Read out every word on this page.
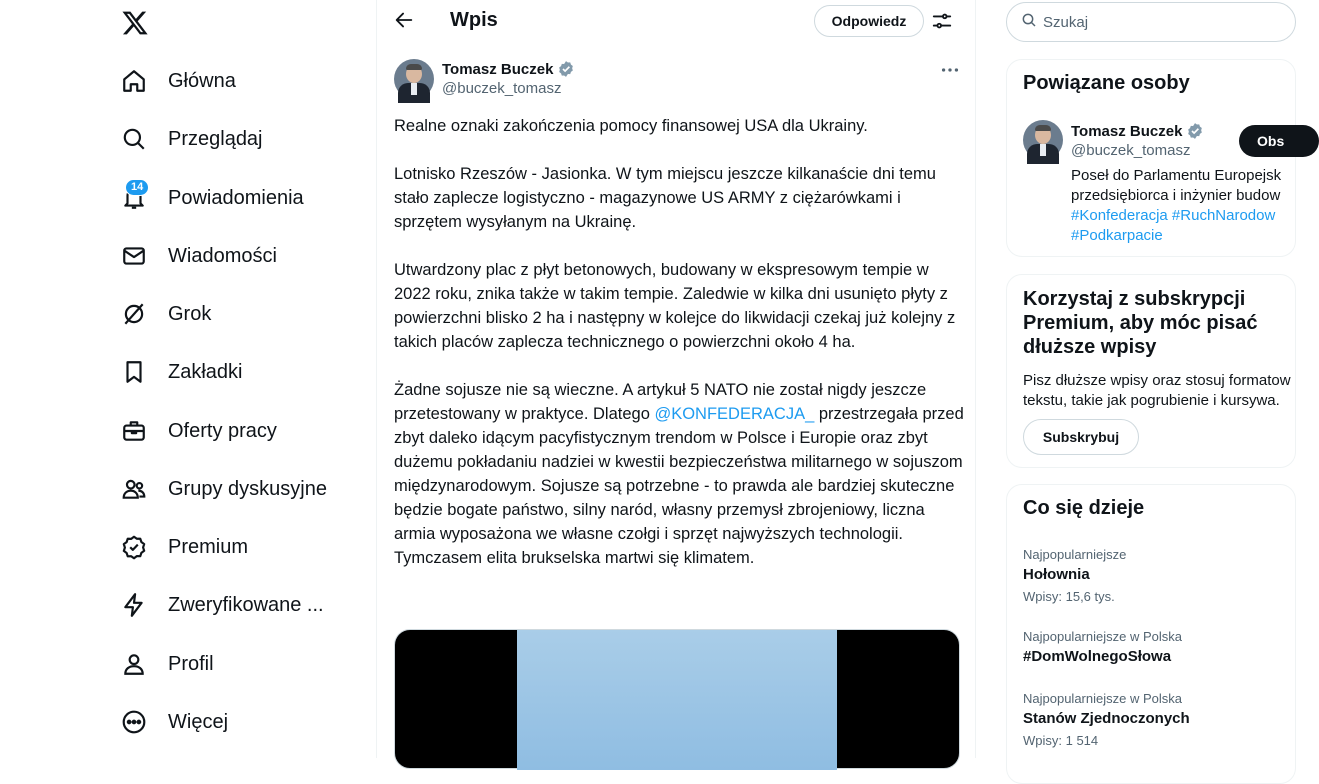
Główna
Przeglądaj
14	Powiadomienia
Wiadomości
Grok
Zakładki
Oferty pracy
Grupy dyskusyjne
Premium
Zweryfikowane ...
Profil
Więcej
Wpis	Odpowiedz
Tomasz Buczek
@buczek_tomasz

Realne oznaki zakończenia pomocy finansowej USA dla Ukrainy.

Lotnisko Rzeszów - Jasionka. W tym miejscu jeszcze kilkanaście dni temu stało zaplecze logistyczno - magazynowe US ARMY z ciężarówkami i sprzętem wysyłanym na Ukrainę.

Utwardzony plac z płyt betonowych, budowany w ekspresowym tempie w 2022 roku, znika także w takim tempie. Zaledwie w kilka dni usunięto płyty z powierzchni blisko 2 ha i następny w kolejce do likwidacji czekaj już kolejny z takich placów zaplecza technicznego o powierzchni około 4 ha.

Żadne sojusze nie są wieczne. A artykuł 5 NATO nie został nigdy jeszcze przetestowany w praktyce. Dlatego @KONFEDERACJA_ przestrzegała przed zbyt daleko idącym pacyfistycznym trendom w Polsce i Europie oraz zbyt dużemu pokładaniu nadziei w kwestii bezpieczeństwa militarnego w sojuszom międzynarodowym. Sojusze są potrzebne - to prawda ale bardziej skuteczne będzie bogate państwo, silny naród, własny przemysł zbrojeniowy, liczna armia wyposażona we własne czołgi i sprzęt najwyższych technologii. Tymczasem elita brukselska martwi się klimatem.

Szukaj
Powiązane osoby
Tomasz Buczek
@buczek_tomasz
Obs
Poseł do Parlamentu Europejsk
przedsiębiorca i inżynier budow
#Konfederacja #RuchNarodow
#Podkarpacie
Korzystaj z subskrypcji Premium, aby móc pisać dłuższe wpisy
Pisz dłuższe wpisy oraz stosuj formatow
tekstu, takie jak pogrubienie i kursywa.
Subskrybuj
Co się dzieje
Najpopularniejsze
Hołownia
Wpisy: 15,6 tys.
Najpopularniejsze w Polska
#DomWolnegoSłowa
Najpopularniejsze w Polska
Stanów Zjednoczonych
Wpisy: 1 514
